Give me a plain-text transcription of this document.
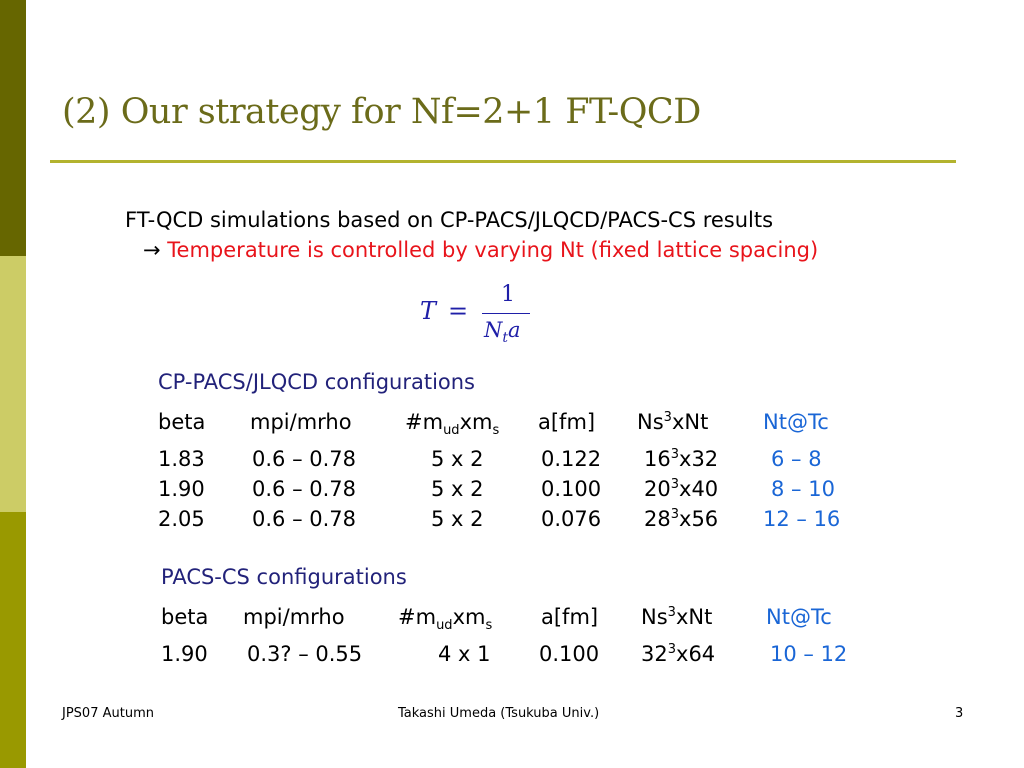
(2) Our strategy for Nf=2+1 FT-QCD
FT-QCD simulations based on CP-PACS/JLQCD/PACS-CS results
→ Temperature is controlled by varying Nt (fixed lattice spacing)
T =
1
$N_ta$
CP-PACS/JLQCD configurations
beta mpi/mrho	$\#m_{ud}xm_s$ a[fm] Ns$^3$xNt	Nt@Tc
1.83 0.6 – 0.78	5 x 2	0.122 $16^3x32$	6 – 8
1.90 0.6 – 0.78	5 x 2	0.100 $20^3x40$	8 – 10
2.05 0.6 – 0.78	5 x 2	0.076 $28^3x56$ 12 – 16
PACS-CS configurations
beta mpi/mrho	$\#m_{ud}xm_s$ a[fm] Ns$^3$xNt	Nt@Tc
1.90 0.3? – 0.55	4 x 1 0.100 $32^3x64$	10 – 12
JPS07 Autumn	Takashi Umeda (Tsukuba Univ.)	3
